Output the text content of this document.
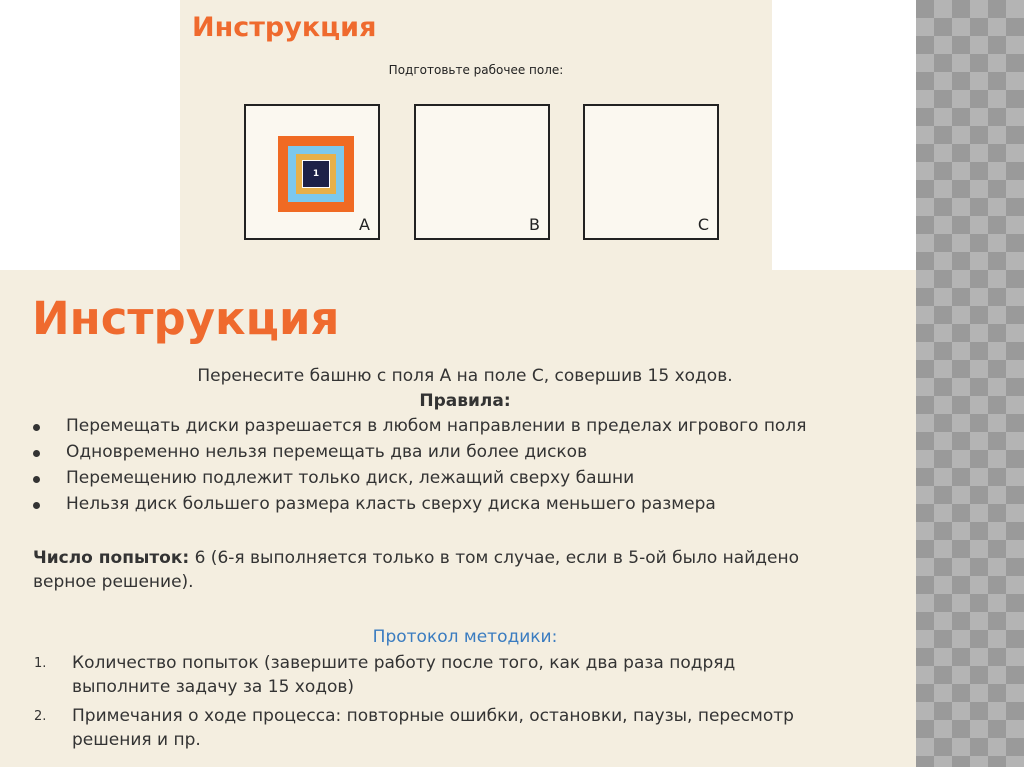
Инструкция
Подготовьте рабочее поле:
1
А	В	С
Инструкция
Перенесите башню с поля А на поле С, совершив 15 ходов.
Правила:
Перемещать диски разрешается в любом направлении в пределах игрового поля
Одновременно нельзя перемещать два или более дисков
Перемещению подлежит только диск, лежащий сверху башни
Нельзя диск большего размера класть сверху диска меньшего размера
Число попыток: 6 (6-я выполняется только в том случае, если в 5-ой было найдено
верное решение).
Протокол методики:
1. Количество попыток (завершите работу после того, как два раза подряд
выполните задачу за 15 ходов)
2. Примечания о ходе процесса: повторные ошибки, остановки, паузы, пересмотр
решения и пр.
